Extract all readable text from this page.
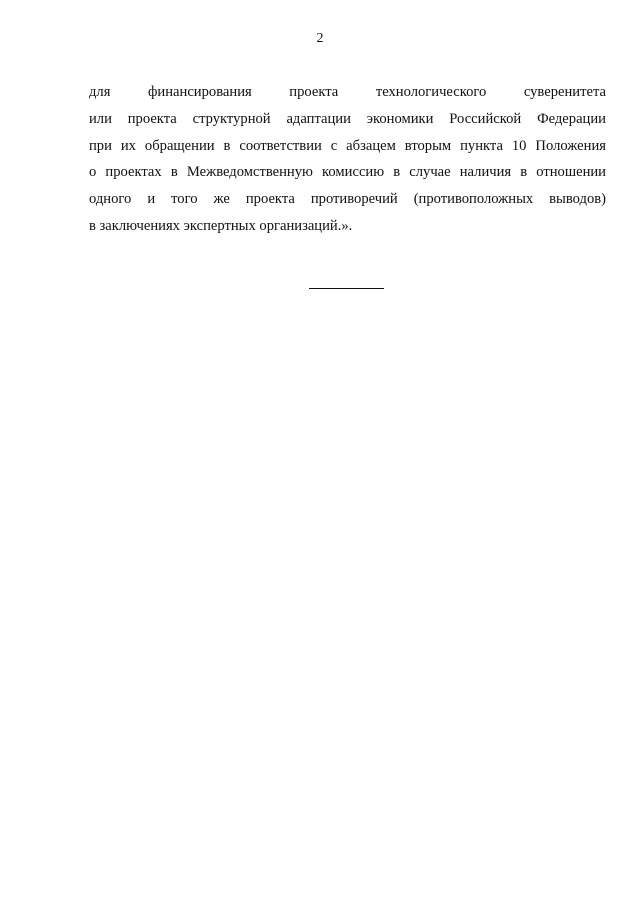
2
для финансирования проекта технологического суверенитета
или проекта структурной адаптации экономики Российской Федерации
при их обращении в соответствии с абзацем вторым пункта 10 Положения
о проектах в Межведомственную комиссию в случае наличия в отношении
одного и того же проекта противоречий (противоположных выводов)
в заключениях экспертных организаций.».
